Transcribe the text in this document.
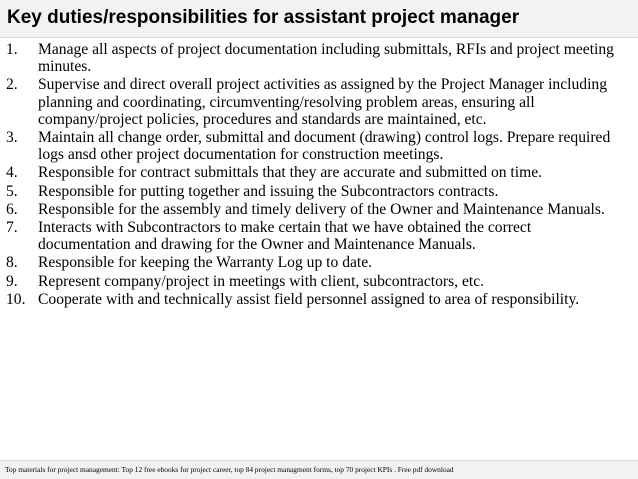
Key duties/responsibilities for assistant project manager
1. Manage all aspects of project documentation including submittals, RFIs and project meeting minutes.
2. Supervise and direct overall project activities as assigned by the Project Manager including planning and coordinating, circumventing/resolving problem areas, ensuring all company/project policies, procedures and standards are maintained, etc.
3. Maintain all change order, submittal and document (drawing) control logs. Prepare required logs ansd other project documentation for construction meetings.
4. Responsible for contract submittals that they are accurate and submitted on time.
5. Responsible for putting together and issuing the Subcontractors contracts.
6. Responsible for the assembly and timely delivery of the Owner and Maintenance Manuals.
7. Interacts with Subcontractors to make certain that we have obtained the correct documentation and drawing for the Owner and Maintenance Manuals.
8. Responsible for keeping the Warranty Log up to date.
9. Represent company/project in meetings with client, subcontractors, etc.
10. Cooperate with and technically assist field personnel assigned to area of responsibility.
Top materials for project management: Top 12 free ebooks for project career, top 84 project managment forms, top 70 project KPIs . Free pdf download
